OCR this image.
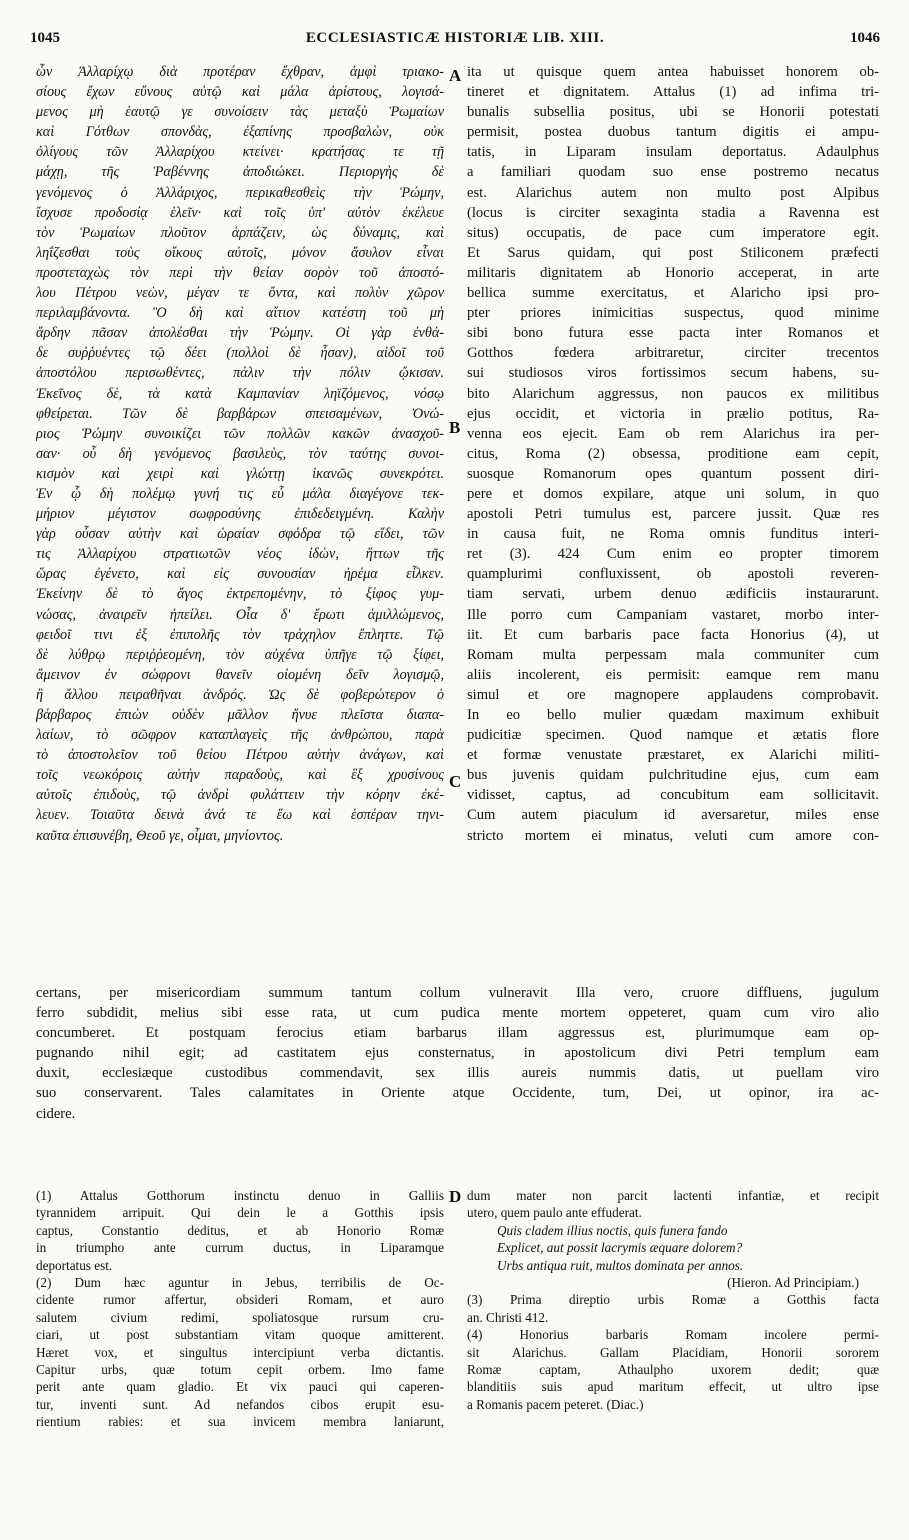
1045	ECCLESIASTICÆ HISTORIÆ LIB. XIII.	1046
ὧν Ἀλλαρίχῳ διὰ προτέραν ἔχθραν, ἀμφὶ τριακο-
σίους ἔχων εὔνους αὐτῷ καὶ μάλα ἀρίστους, λογισά-
μενος μὴ ἑαυτῷ γε συνοίσειν τὰς μεταξὺ Ῥωμαίων
καὶ Γότθων σπονδὰς, ἐξαπίνης προσβαλὼν, οὐκ
ὀλίγους τῶν Ἀλλαρίχου κτείνει· κρατήσας τε τῇ
μάχῃ, τῆς Ῥαβέννης ἀποδιώκει. Περιοργὴς δὲ
γενόμενος ὁ Ἀλλάριχος, περικαθεσθεὶς τὴν Ῥώμην,
ἴσχυσε προδοσίᾳ ἑλεῖν· καὶ τοῖς ὑπ' αὐτὸν ἐκέλευε
τὸν Ῥωμαίων πλοῦτον ἁρπάζειν, ὡς δύναμις, καὶ
ληΐζεσθαι τοὺς οἴκους αὐτοῖς, μόνον ἄσυλον εἶναι
προστεταχὼς τὸν περὶ τὴν θείαν σορὸν τοῦ ἀποστό-
λου Πέτρου νεὼν, μέγαν τε ὄντα, καὶ πολὺν χῶρον
περιλαμβάνοντα. Ὃ δὴ καὶ αἴτιον κατέστη τοῦ μὴ
ἄρδην πᾶσαν ἀπολέσθαι τὴν Ῥώμην. Οἱ γὰρ ἐνθά-
δε συῤῥυέντες τῷ δέει (πολλοὶ δὲ ἦσαν), αἰδοῖ τοῦ
ἀποστόλου περισωθέντες, πάλιν τὴν πόλιν ᾤκισαν.
Ἐκεῖνος δὲ, τὰ κατὰ Καμπανίαν ληϊζόμενος, νόσῳ
φθείρεται. Τῶν δὲ βαρβάρων σπεισαμένων, Ὀνώ-
ριος Ῥώμην συνοικίζει τῶν πολλῶν κακῶν ἀνασχοῦ-
σαν· οὗ δὴ γενόμενος βασιλεὺς, τὸν ταύτης συνοι-
κισμὸν καὶ χειρὶ καὶ γλώττῃ ἱκανῶς συνεκρότει.
Ἐν ᾧ δὴ πολέμῳ γυνή τις εὖ μάλα διαγέγονε τεκ-
μήριον μέγιστον σωφροσύνης ἐπιδεδειγμένη. Καλὴν
γὰρ οὖσαν αὐτὴν καὶ ὡραίαν σφόδρα τῷ εἴδει, τῶν
τις Ἀλλαρίχου στρατιωτῶν νέος ἰδὼν, ἥττων τῆς
ὥρας ἐγένετο, καὶ εἰς συνουσίαν ἠρέμα εἷλκεν.
Ἐκείνην δὲ τὸ ἄγος ἐκτρεπομένην, τὸ ξίφος γυμ-
νώσας, ἀναιρεῖν ἠπείλει. Οἷα δ' ἔρωτι ἁμιλλώμενος,
φειδοῖ τινι ἐξ ἐπιπολῆς τὸν τράχηλον ἔπληττε. Τῷ
δὲ λύθρῳ περιῤῥεομένη, τὸν αὐχένα ὑπῆγε τῷ ξίφει,
ἄμεινον ἐν σώφρονι θανεῖν οἰομένη δεῖν λογισμῷ,
ἢ ἄλλου πειραθῆναι ἀνδρός. Ὡς δὲ φοβερώτερον ὁ
βάρβαρος ἐπιὼν οὐδὲν μᾶλλον ἤνυε πλεῖστα διαπα-
λαίων, τὸ σῶφρον καταπλαγεὶς τῆς ἀνθρώπου, παρὰ
τὸ ἀποστολεῖον τοῦ θείου Πέτρου αὐτὴν ἀνάγων, καὶ
τοῖς νεωκόροις αὐτὴν παραδοὺς, καὶ ἓξ χρυσίνους
αὐτοῖς ἐπιδοὺς, τῷ ἀνδρὶ φυλάττειν τὴν κόρην ἐκέ-
λευεν. Τοιαῦτα δεινὰ ἀνά τε ἕω καὶ ἑσπέραν τηνι-
καῦτα ἐπισυνέβη, Θεοῦ γε, οἶμαι, μηνίοντος.
ita ut quisque quem antea habuisset honorem ob-
tineret et dignitatem. Attalus (1) ad infima tri-
bunalis subsellia positus, ubi se Honorii potestati
permisit, postea duobus tantum digitis ei ampu-
tatis, in Liparam insulam deportatus. Adaulphus
a familiari quodam suo ense postremo necatus
est. Alarichus autem non multo post Alpibus
(locus is circiter sexaginta stadia a Ravenna est
situs) occupatis, de pace cum imperatore egit.
Et Sarus quidam, qui post Stiliconem præfecti
militaris dignitatem ab Honorio acceperat, in arte
bellica summe exercitatus, et Alaricho ipsi pro-
pter priores inimicitias suspectus, quod minime
sibi bono futura esse pacta inter Romanos et
Gotthos fœdera arbitraretur, circiter trecentos
sui studiosos viros fortissimos secum habens, su-
bito Alarichum aggressus, non paucos ex militibus
ejus occidit, et victoria in prælio potitus, Ra-
venna eos ejecit. Eam ob rem Alarichus ira per-
citus, Roma (2) obsessa, proditione eam cepit,
suosque Romanorum opes quantum possent diri-
pere et domos expilare, atque uni solum, in quo
apostoli Petri tumulus est, parcere jussit. Quæ res
in causa fuit, ne Roma omnis funditus interi-
ret (3). 424 Cum enim eo propter timorem
quamplurimi confluxissent, ob apostoli reveren-
tiam servati, urbem denuo ædificiis instaurarunt.
Ille porro cum Campaniam vastaret, morbo inter-
iit. Et cum barbaris pace facta Honorius (4), ut
Romam multa perpessam mala communiter cum
aliis incolerent, eis permisit: eamque rem manu
simul et ore magnopere applaudens comprobavit.
In eo bello mulier quædam maximum exhibuit
pudicitiæ specimen. Quod namque et ætatis flore
et formæ venustate præstaret, ex Alarichi militi-
bus juvenis quidam pulchritudine ejus, cum eam
vidisset, captus, ad concubitum eam sollicitavit.
Cum autem piaculum id aversaretur, miles ense
stricto mortem ei minatus, veluti cum amore con-
certans, per misericordiam summum tantum collum vulneravit Illa vero, cruore diffluens, jugulum
ferro subdidit, melius sibi esse rata, ut cum pudica mente mortem oppeteret, quam cum viro alio
concumberet. Et postquam ferocius etiam barbarus illam aggressus est, plurimumque eam op-
pugnando nihil egit; ad castitatem ejus consternatus, in apostolicum divi Petri templum eam
duxit, ecclesiæque custodibus commendavit, sex illis aureis nummis datis, ut puellam viro
suo conservarent. Tales calamitates in Oriente atque Occidente, tum, Dei, ut opinor, ira ac-
cidere.
A
B
C
D
(1) Attalus Gotthorum instinctu denuo in Galliis
tyrannidem arripuit. Qui dein le a Gotthis ipsis
captus, Constantio deditus, et ab Honorio Romæ
in triumpho ante currum ductus, in Liparamque
deportatus est.
(2) Dum hæc aguntur in Jebus, terribilis de Oc-
cidente rumor affertur, obsideri Romam, et auro
salutem civium redimi, spoliatosque rursum cru-
ciari, ut post substantiam vitam quoque amitterent.
Hæret vox, et singultus intercipiunt verba dictantis.
Capitur urbs, quæ totum cepit orbem. Imo fame
perit ante quam gladio. Et vix pauci qui caperen-
tur, inventi sunt. Ad nefandos cibos erupit esu-
rientium rabies: et sua invicem membra laniarunt,
dum mater non parcit lactenti infantiæ, et recipit
utero, quem paulo ante effuderat.
Quis cladem illius noctis, quis funera fando
Explicet, aut possit lacrymis æquare dolorem?
Urbs antiqua ruit, multos dominata per annos.
(Hieron. Ad Principiam.)
(3) Prima direptio urbis Romæ a Gotthis facta
an. Christi 412.
(4) Honorius barbaris Romam incolere permi-
sit Alarichus. Gallam Placidiam, Honorii sororem
Romæ captam, Athaulpho uxorem dedit; quæ
blanditiis suis apud maritum effecit, ut ultro ipse
a Romanis pacem peteret. (Diac.)
